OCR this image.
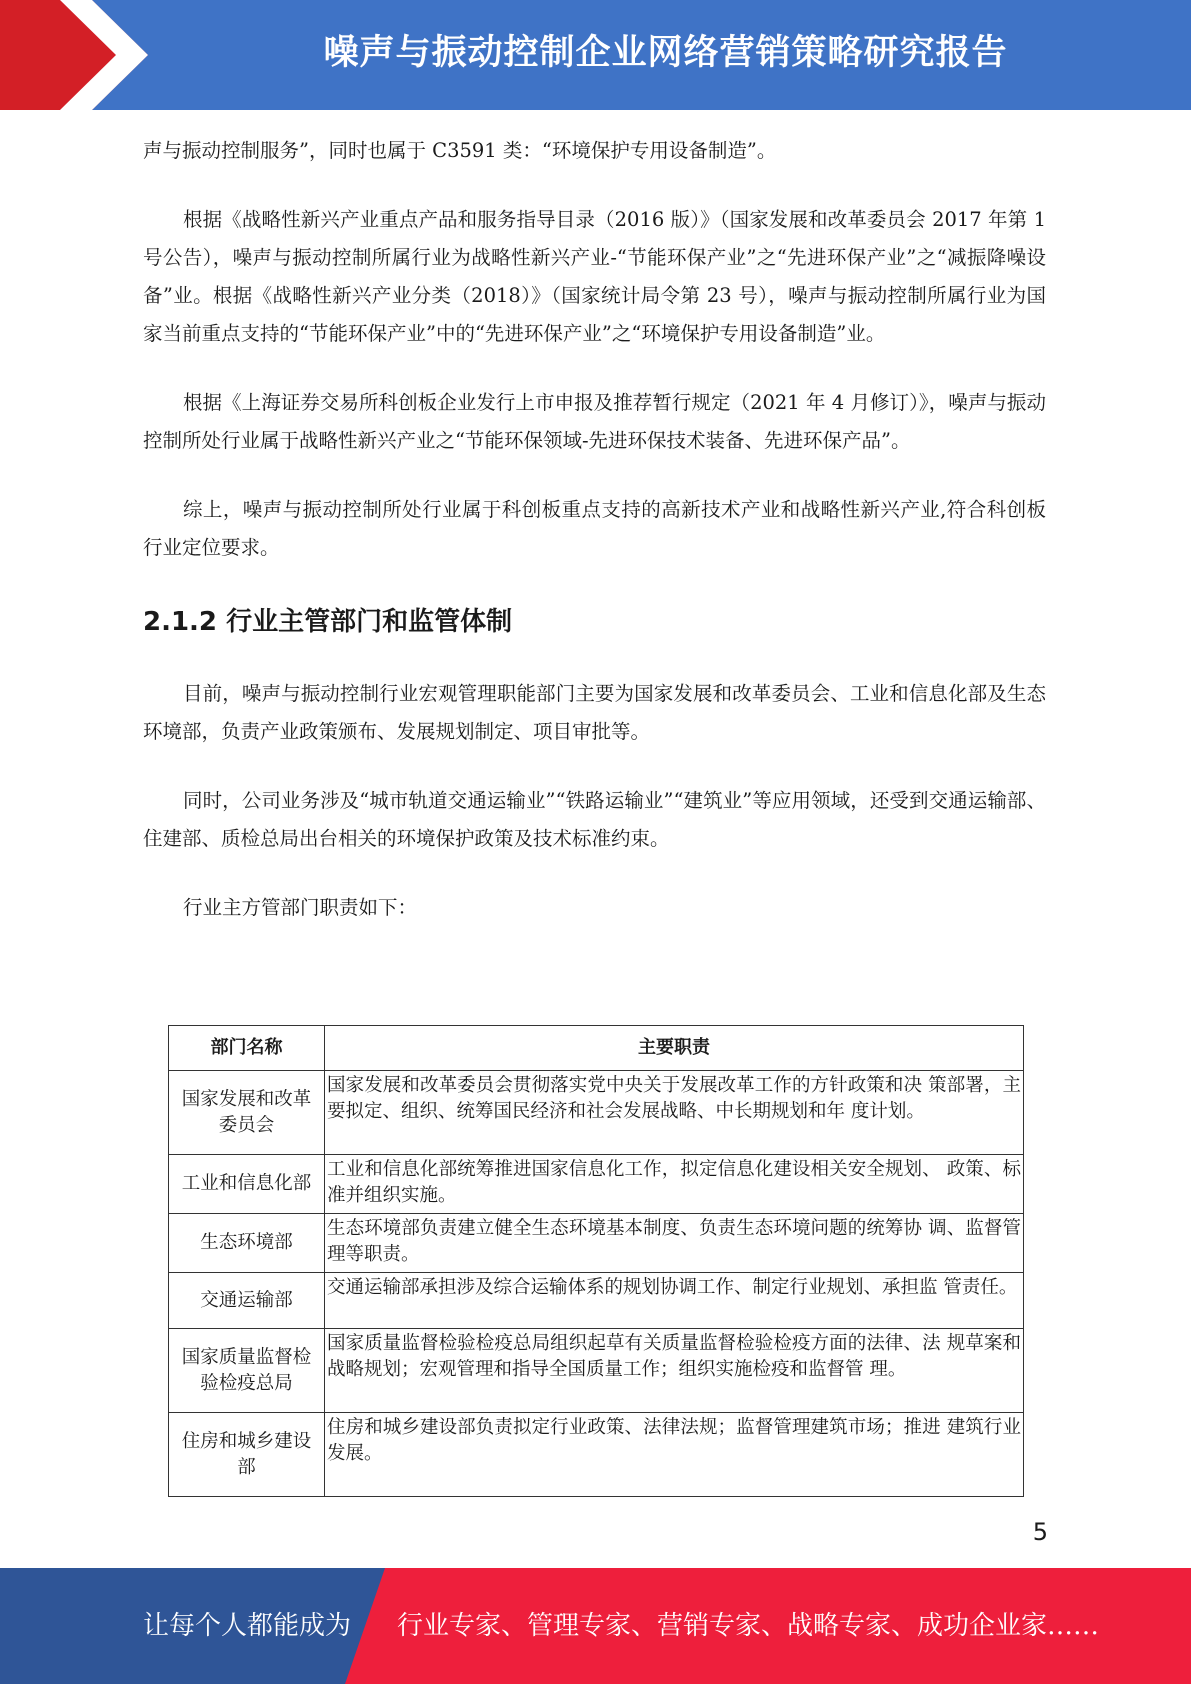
噪声与振动控制企业网络营销策略研究报告

声与振动控制服务”，同时也属于 C3591 类：“环境保护专用设备制造”。

根据《战略性新兴产业重点产品和服务指导目录（2016 版）》（国家发展和改革委员会 2017 年第 1 号公告），噪声与振动控制所属行业为战略性新兴产业-“节能环保产业”之“先进环保产业”之“减振降噪设备”业。根据《战略性新兴产业分类（2018）》（国家统计局令第 23 号），噪声与振动控制所属行业为国家当前重点支持的“节能环保产业”中的“先进环保产业”之“环境保护专用设备制造”业。

根据《上海证券交易所科创板企业发行上市申报及推荐暂行规定（2021 年 4 月修订）》，噪声与振动控制所处行业属于战略性新兴产业之“节能环保领域-先进环保技术装备、先进环保产品”。

综上，噪声与振动控制所处行业属于科创板重点支持的高新技术产业和战略性新兴产业,符合科创板行业定位要求。

2.1.2 行业主管部门和监管体制

目前，噪声与振动控制行业宏观管理职能部门主要为国家发展和改革委员会、工业和信息化部及生态环境部，负责产业政策颁布、发展规划制定、项目审批等。

同时，公司业务涉及“城市轨道交通运输业”“铁路运输业”“建筑业”等应用领域，还受到交通运输部、住建部、质检总局出台相关的环境保护政策及技术标准约束。

行业主方管部门职责如下：

部门名称	主要职责
国家发展和改革委员会	国家发展和改革委员会贯彻落实党中央关于发展改革工作的方针政策和决 策部署，主要拟定、组织、统筹国民经济和社会发展战略、中长期规划和年 度计划。
工业和信息化部	工业和信息化部统筹推进国家信息化工作，拟定信息化建设相关安全规划、 政策、标准并组织实施。
生态环境部	生态环境部负责建立健全生态环境基本制度、负责生态环境问题的统筹协 调、监督管理等职责。
交通运输部	交通运输部承担涉及综合运输体系的规划协调工作、制定行业规划、承担监 管责任。
国家质量监督检验检疫总局	国家质量监督检验检疫总局组织起草有关质量监督检验检疫方面的法律、法 规草案和战略规划；宏观管理和指导全国质量工作；组织实施检疫和监督管 理。
住房和城乡建设部	住房和城乡建设部负责拟定行业政策、法律法规；监督管理建筑市场；推进 建筑行业发展。
5
让每个人都能成为 行业专家、管理专家、营销专家、战略专家、成功企业家……
